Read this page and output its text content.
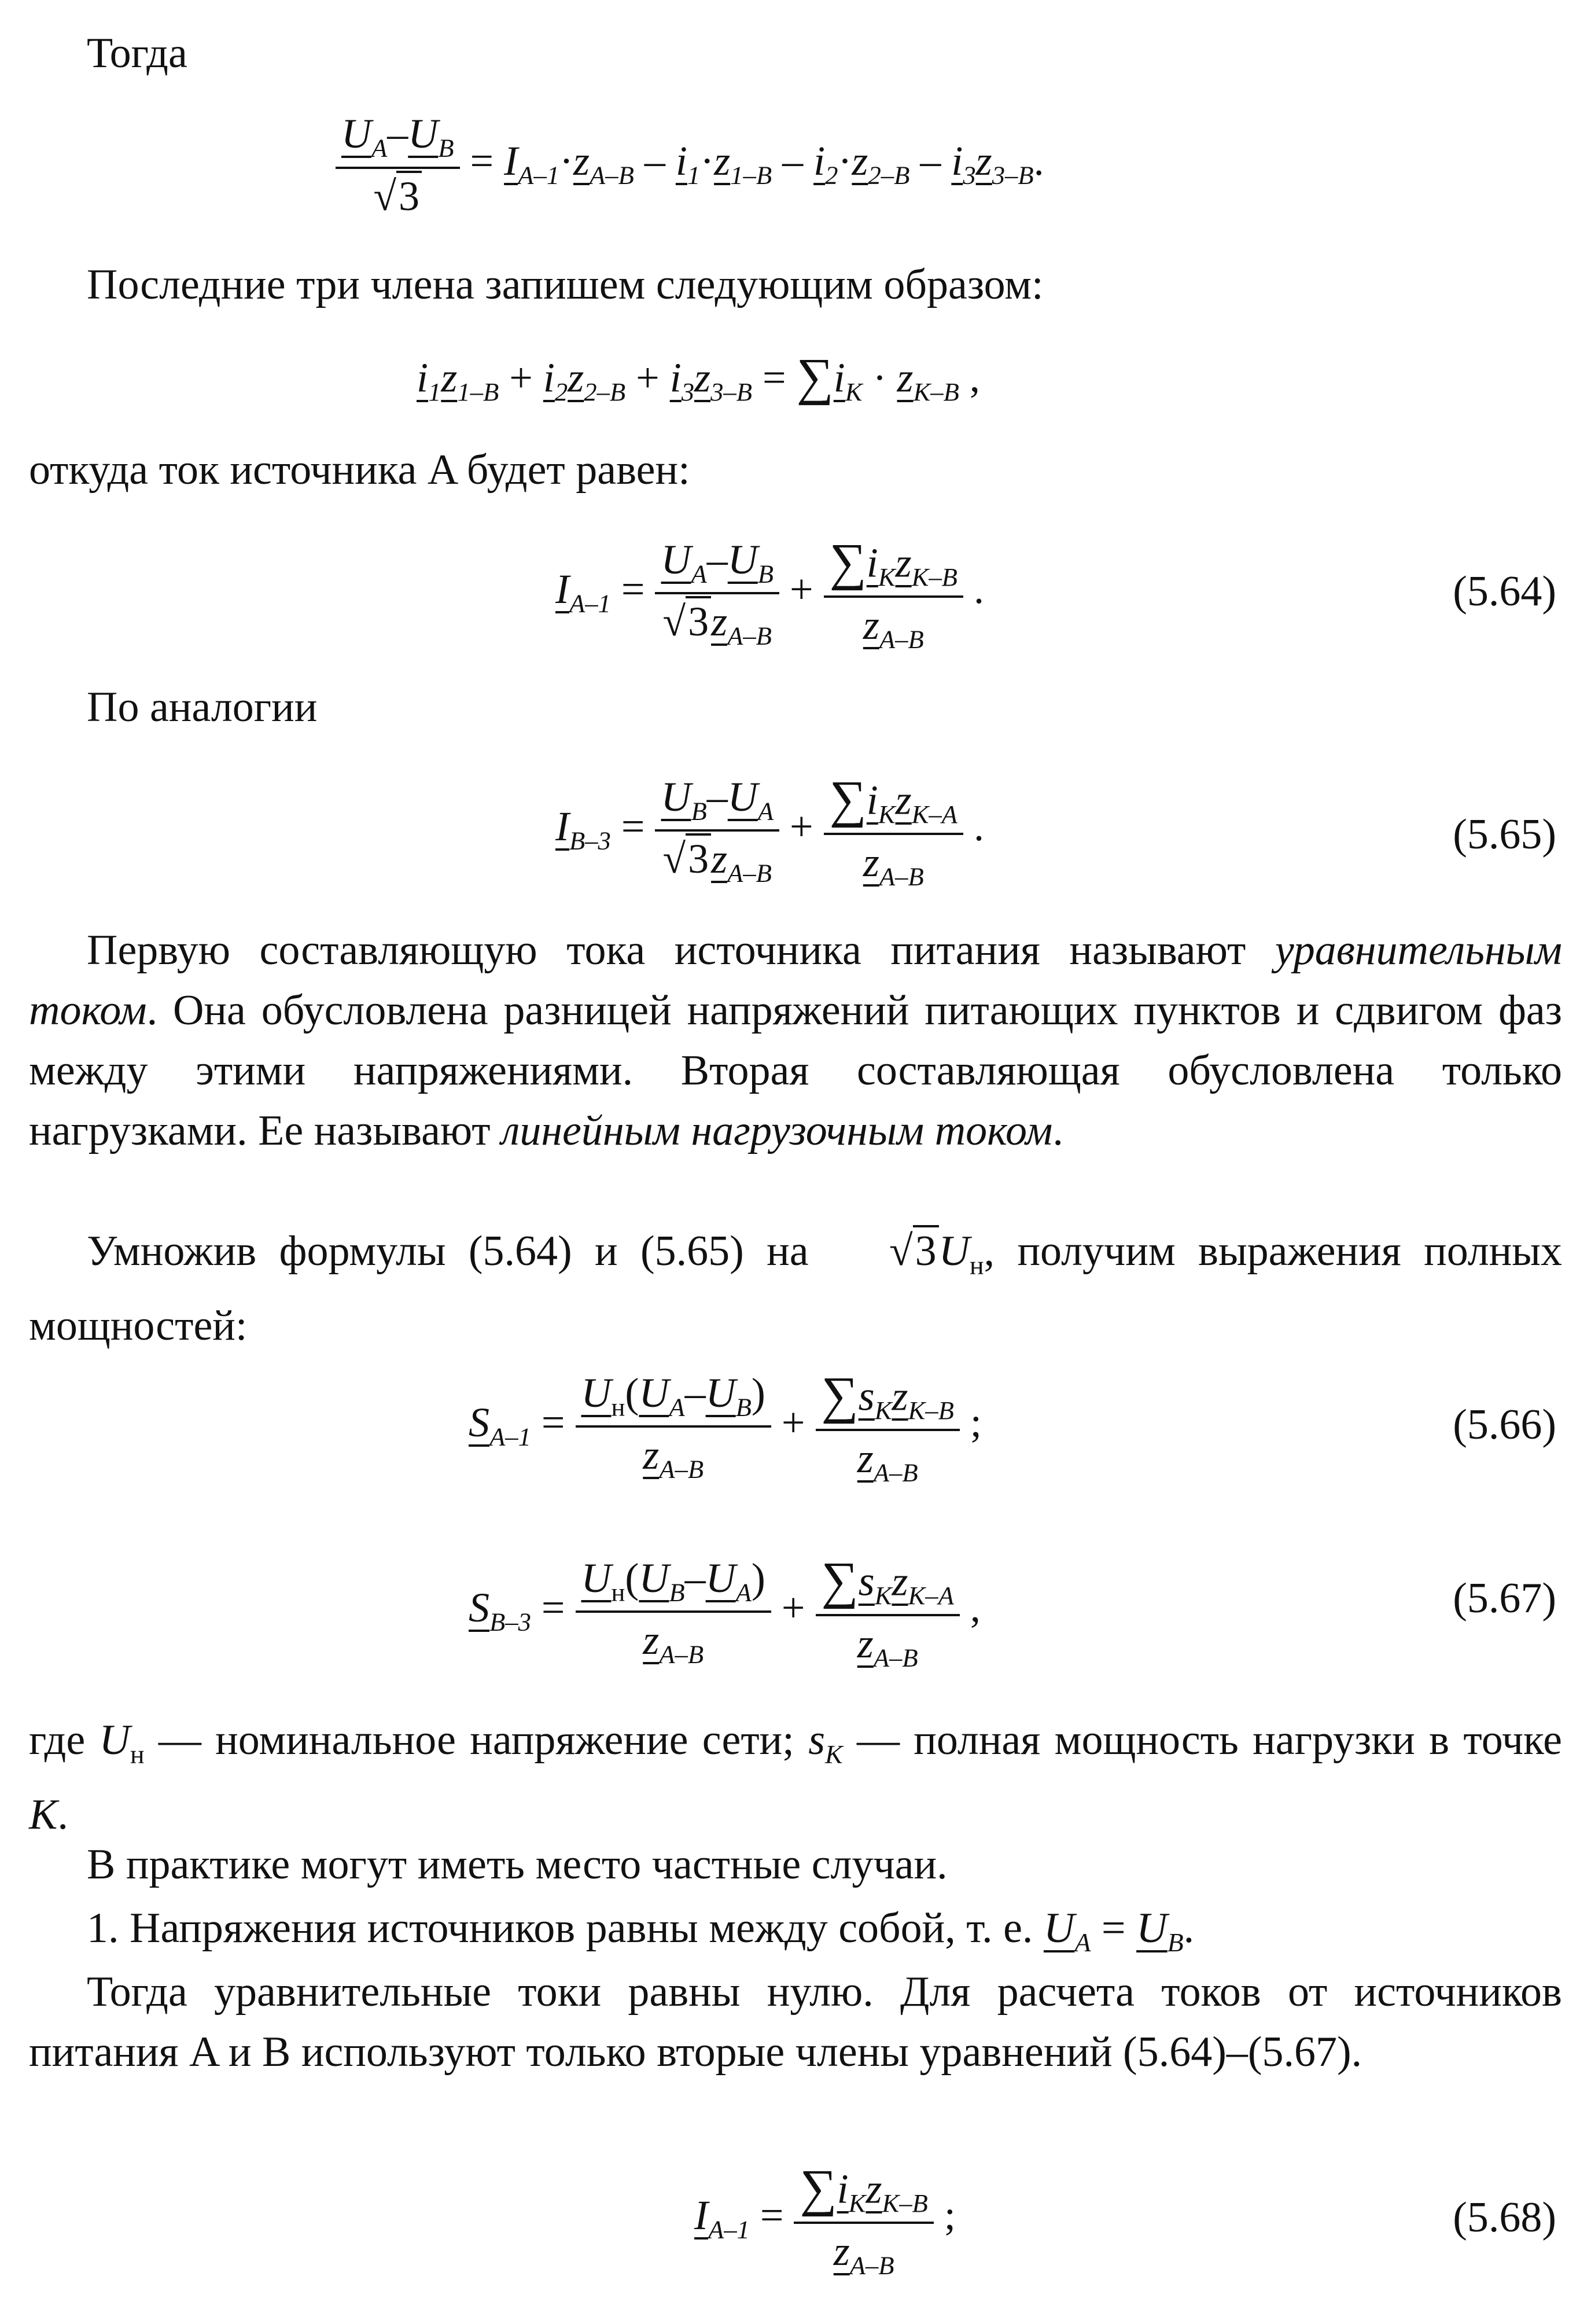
Тогда

$\frac{U_A-U_B}{√3} = I_{A-1}\cdot z_{A-B} - i_1\cdot z_{1-B} - i_2\cdot z_{2-B} - i_3z_{3-B}$.

Последние три члена запишем следующим образом:

$i_1z_{1-B} + i_2z_{2-B} + i_3z_{3-B} = \sum i_K \cdot z_{K-B}$ ,

откуда ток источника A будет равен:

$I_{A-1} = \frac{U_A-U_B}{√3z_{A-B}} + \frac{\sum i_Kz_{K-B}}{z_{A-B}}$ .	(5.64)

По аналогии

$I_{B-3} = \frac{U_B-U_A}{√3z_{A-B}} + \frac{\sum i_Kz_{K-A}}{z_{A-B}}$ .	(5.65)

Первую составляющую тока источника питания называют уравнительным током. Она обусловлена разницей напряжений питающих пунктов и сдвигом фаз между этими напряжениями. Вторая составляющая обусловлена только нагрузками. Ее называют линейным нагрузочным током.

Умножив формулы (5.64) и (5.65) на $√3U_н$, получим выражения полных мощностей:

$S_{A-1} = \frac{U_н(U_A-U_B)}{z_{A-B}} + \frac{\sum s_Kz_{K-B}}{z_{A-B}}$ ;	(5.66)
$S_{B-3} = \frac{U_н(U_B-U_A)}{z_{A-B}} + \frac{\sum s_Kz_{K-A}}{z_{A-B}}$ ,	(5.67)

где $U_н$ — номинальное напряжение сети; $s_K$ — полная мощность нагрузки в точке K.

В практике могут иметь место частные случаи.

1. Напряжения источников равны между собой, т. е. $U_A = U_B$.

Тогда уравнительные токи равны нулю. Для расчета токов от источников питания A и B используют только вторые члены уравнений (5.64)–(5.67).

$I_{A-1} = \frac{\sum i_Kz_{K-B}}{z_{A-B}}$ ;	(5.68)
